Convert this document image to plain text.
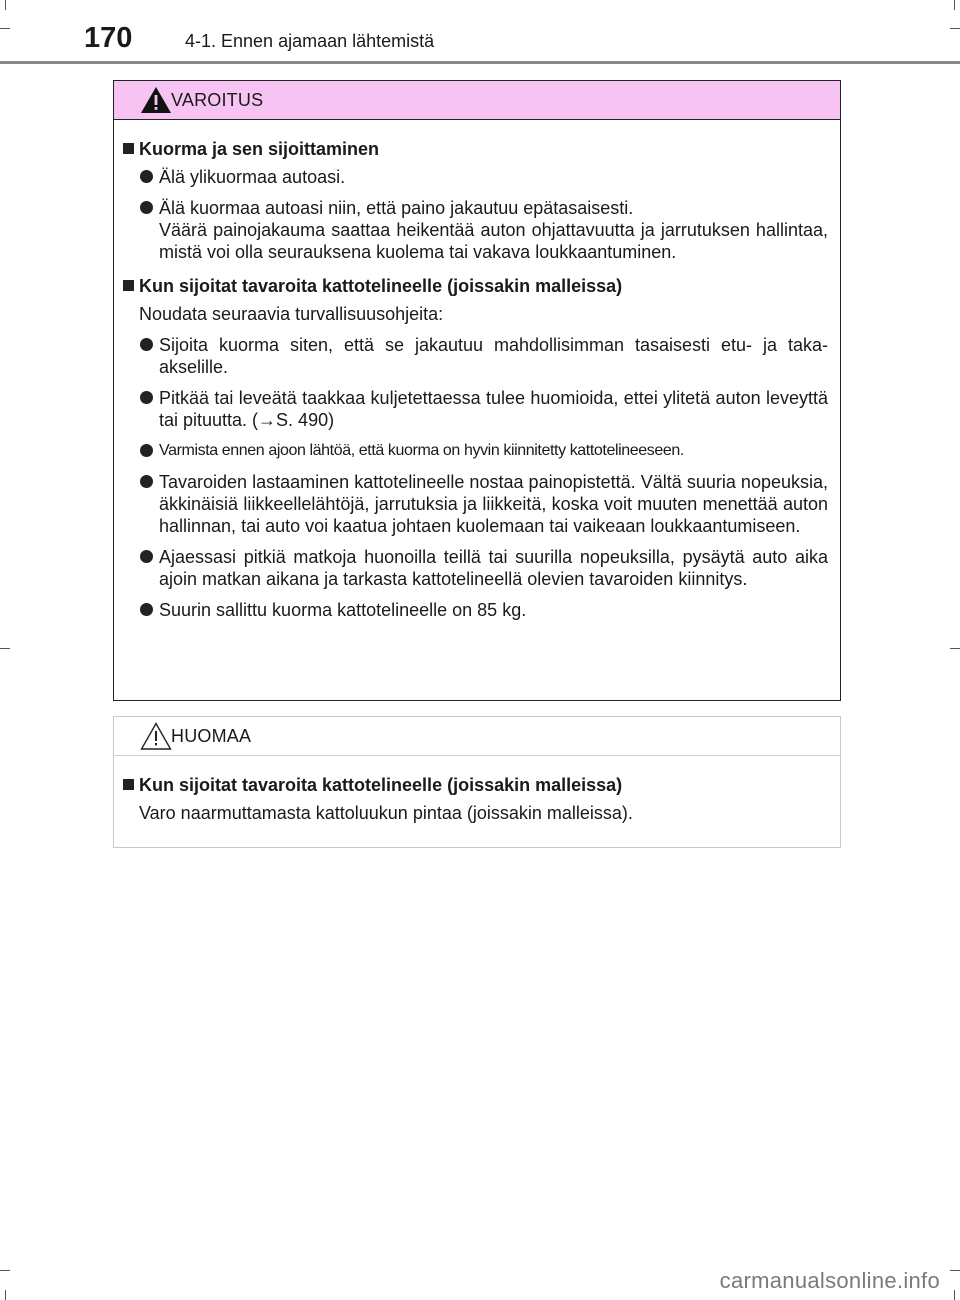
170	4-1. Ennen ajamaan lähtemistä
VAROITUS
Kuorma ja sen sijoittaminen
Älä ylikuormaa autoasi.
Älä kuormaa autoasi niin, että paino jakautuu epätasaisesti.
Väärä painojakauma saattaa heikentää auton ohjattavuutta ja jarrutuksen hallintaa, mistä voi olla seurauksena kuolema tai vakava loukkaantuminen.
Kun sijoitat tavaroita kattotelineelle (joissakin malleissa)
Noudata seuraavia turvallisuusohjeita:
Sijoita kuorma siten, että se jakautuu mahdollisimman tasaisesti etu- ja taka-akselille.
Pitkää tai leveätä taakkaa kuljetettaessa tulee huomioida, ettei ylitetä auton leveyttä tai pituutta. (→S. 490)
Varmista ennen ajoon lähtöä, että kuorma on hyvin kiinnitetty kattotelineeseen.
Tavaroiden lastaaminen kattotelineelle nostaa painopistettä. Vältä suuria nopeuksia, äkkinäisiä liikkeellelähtöjä, jarrutuksia ja liikkeitä, koska voit muuten menettää auton hallinnan, tai auto voi kaatua johtaen kuolemaan tai vaikeaan loukkaantumiseen.
Ajaessasi pitkiä matkoja huonoilla teillä tai suurilla nopeuksilla, pysäytä auto aika ajoin matkan aikana ja tarkasta kattotelineellä olevien tavaroiden kiinnitys.
Suurin sallittu kuorma kattotelineelle on 85 kg.
HUOMAA
Kun sijoitat tavaroita kattotelineelle (joissakin malleissa)
Varo naarmuttamasta kattoluukun pintaa (joissakin malleissa).
carmanualsonline.info
